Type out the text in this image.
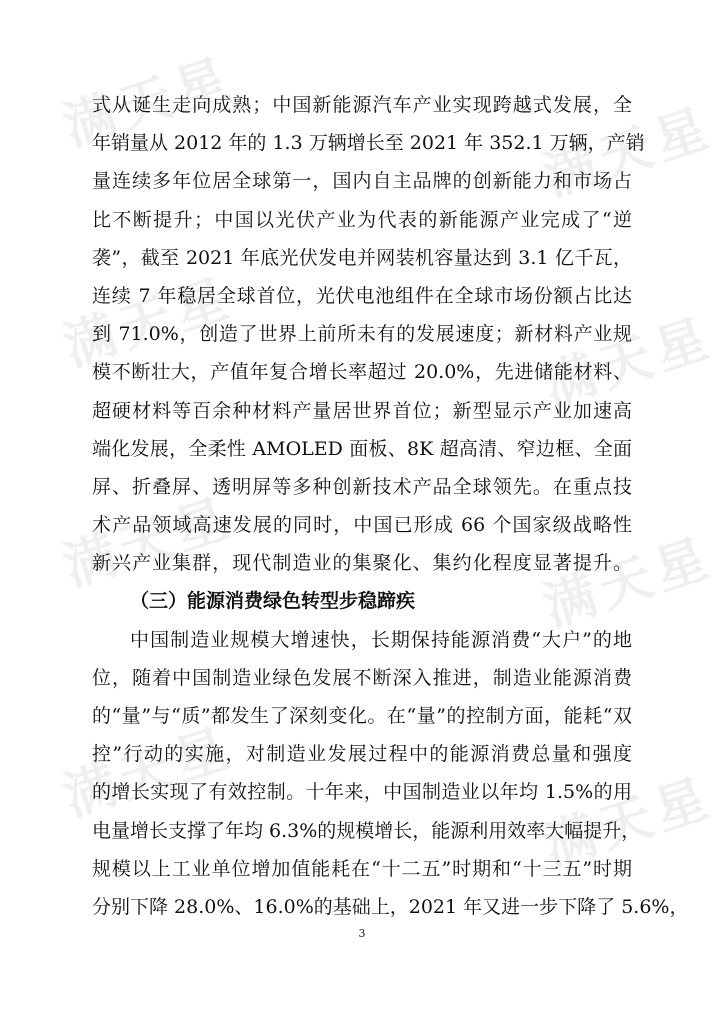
满天星	满天星
满天星	满天星
满天星	满天星
满天星	满天星
式从诞生走向成熟；中国新能源汽车产业实现跨越式发展，全
年销量从 2012 年的 1.3 万辆增长至 2021 年 352.1 万辆，产销
量连续多年位居全球第一，国内自主品牌的创新能力和市场占
比不断提升；中国以光伏产业为代表的新能源产业完成了“逆
袭”，截至 2021 年底光伏发电并网装机容量达到 3.1 亿千瓦，
连续 7 年稳居全球首位，光伏电池组件在全球市场份额占比达
到 71.0%，创造了世界上前所未有的发展速度；新材料产业规
模不断壮大，产值年复合增长率超过 20.0%，先进储能材料、
超硬材料等百余种材料产量居世界首位；新型显示产业加速高
端化发展，全柔性 AMOLED 面板、8K 超高清、窄边框、全面
屏、折叠屏、透明屏等多种创新技术产品全球领先。在重点技
术产品领域高速发展的同时，中国已形成 66 个国家级战略性
新兴产业集群，现代制造业的集聚化、集约化程度显著提升。
（三）能源消费绿色转型步稳蹄疾
中国制造业规模大增速快，长期保持能源消费“大户”的地
位，随着中国制造业绿色发展不断深入推进，制造业能源消费
的“量”与“质”都发生了深刻变化。在“量”的控制方面，能耗“双
控”行动的实施，对制造业发展过程中的能源消费总量和强度
的增长实现了有效控制。十年来，中国制造业以年均 1.5%的用
电量增长支撑了年均 6.3%的规模增长，能源利用效率大幅提升，
规模以上工业单位增加值能耗在“十二五”时期和“十三五”时期
分别下降 28.0%、16.0%的基础上，2021 年又进一步下降了 5.6%，
3
